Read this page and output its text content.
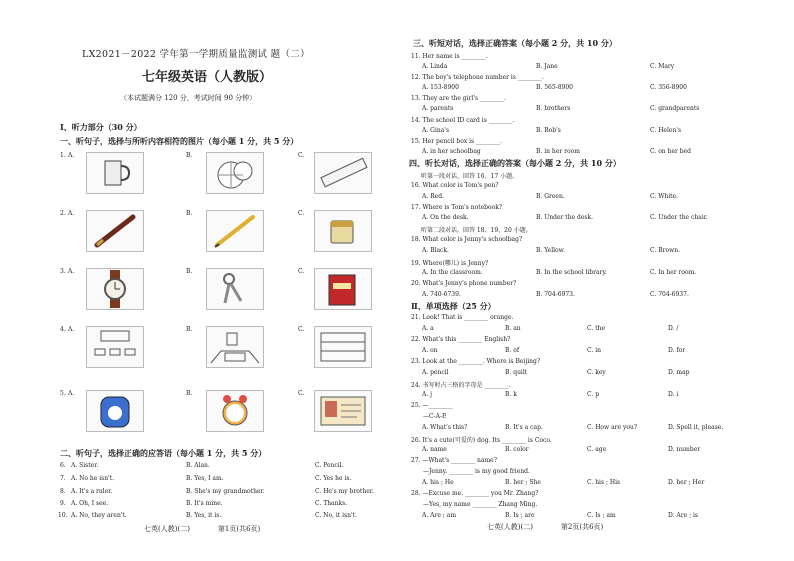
LX2021－2022 学年第一学期质量监测试 题（二）
七年级英语（人教版）
（本试题满分 120 分，考试时间 90 分钟）
Ⅰ、听力部分（30 分）
一、听句子，选择与所听内容相符的图片（每小题 1 分，共 5 分）
1. A.	B.	C.
2. A.	B.	C.
3. A.	B.	C.
4. A.	B.	C.
5. A.	B.	C.
二、听句子，选择正确的应答语（每小题 1 分，共 5 分）
6. A. Sister.	B. Alan.	C. Pencil.
7. A. No he isn't.	B. Yes, I am.	C. Yes he is.
8. A. It's a ruler.	B. She's my grandmother.	C. He's my brother.
9. A. Oh, I see.	B. It's mine.	C. Thanks.
10. A. No, they aren't.	B. Yes, it is.	C. No, it isn't.
七英(人教)(二)　　　　第1页(共6页)
三、听短对话，选择正确答案（每小题 2 分，共 10 分）
11. Her name is ________.
A. Linda	B. Jane	C. Mary
12. The boy's telephone number is ________.
A. 153-8900	B. 565-8900	C. 356-8900
13. They are the girl's ________.
A. parents	B. brothers	C. grandparents
14. The school ID card is ________.
A. Gina's	B. Bob's	C. Helen's
15. Her pencil box is ________.
A. in her schoolbag	B. in her room	C. on her bed
四、听长对话，选择正确的答案（每小题 2 分，共 10 分）
听第一段对话，回答 16、17 小题。
16. What color is Tom's pen?
A. Red.	B. Green.	C. White.
17. Where is Tom's notebook?
A. On the desk.	B. Under the desk.	C. Under the chair.
听第二段对话，回答 18、19、20 小题。
18. What color is Jenny's schoolbag?
A. Black.	B. Yellow.	C. Brown.
19. Where(哪儿) is Jenny?
A. In the classroom.	B. In the school library.	C. In her room.
20. What's Jenny's phone number?
A. 740-6739.	B. 704-6973.	C. 704-6937.
Ⅱ、单项选择（25 分）
21. Look! That is ________ orange.
A. a	B. an	C. the	D. /
22. What's this ________ English?
A. on	B. of	C. in	D. for
23. Look at the ________. Where is Beijing?
A. pencil	B. quilt	C. key	D. map
24. 书写时占三格的字母是 ________.
A. j	B. k	C. p	D. i
25. —________
—C-A-P.
A. What's this?	B. It's a cap.	C. How are you?	D. Spell it, please.
26. It's a cute(可爱的) dog. Its ________ is Coco.
A. name	B. color	C. age	D. number
27. —What's ________ name?
—Jenny. ________ is my good friend.
A. his ; He	B. her ; She	C. his ; His	D. her ; Her
28. —Excuse me. ________ you Mr. Zhang?
—Yes, my name ________ Zhang Ming.
A. Are ; am	B. Is ; are	C. Is ; am	D. Are ; is
七英(人教)(二)　　　　第2页(共6页)
